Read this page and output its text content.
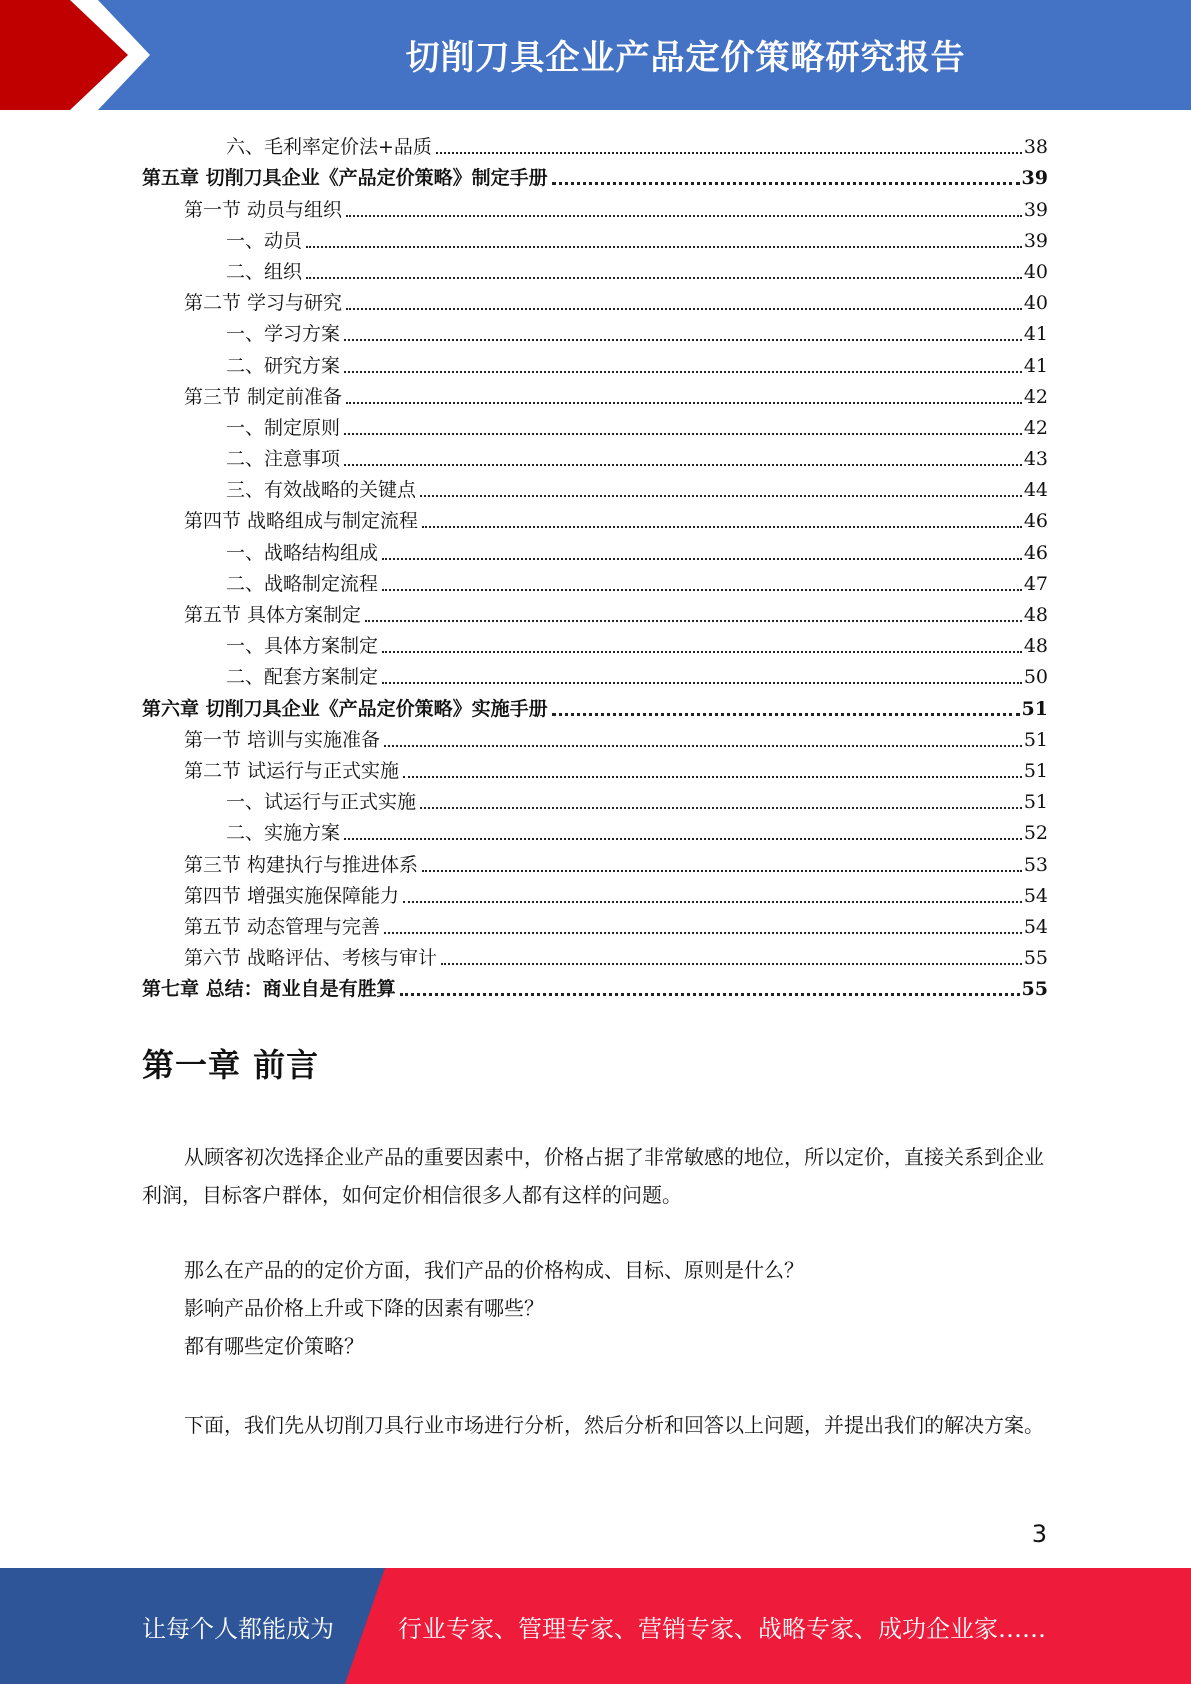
切削刀具企业产品定价策略研究报告
六、毛利率定价法+品质	38
第五章 切削刀具企业《产品定价策略》制定手册	39
第一节 动员与组织	39
一、动员	39
二、组织	40
第二节 学习与研究	40
一、学习方案	41
二、研究方案	41
第三节 制定前准备	42
一、制定原则	42
二、注意事项	43
三、有效战略的关键点	44
第四节 战略组成与制定流程	46
一、战略结构组成	46
二、战略制定流程	47
第五节 具体方案制定	48
一、具体方案制定	48
二、配套方案制定	50
第六章 切削刀具企业《产品定价策略》实施手册	51
第一节 培训与实施准备	51
第二节 试运行与正式实施	51
一、试运行与正式实施	51
二、实施方案	52
第三节 构建执行与推进体系	53
第四节 增强实施保障能力	54
第五节 动态管理与完善	54
第六节 战略评估、考核与审计	55
第七章 总结：商业自是有胜算	55
第一章 前言
从顾客初次选择企业产品的重要因素中，价格占据了非常敏感的地位，所以定价，直接关系到企业利润，目标客户群体，如何定价相信很多人都有这样的问题。
那么在产品的的定价方面，我们产品的价格构成、目标、原则是什么？
影响产品价格上升或下降的因素有哪些？
都有哪些定价策略？
下面，我们先从切削刀具行业市场进行分析，然后分析和回答以上问题，并提出我们的解决方案。
3
让每个人都能成为	行业专家、管理专家、营销专家、战略专家、成功企业家……
